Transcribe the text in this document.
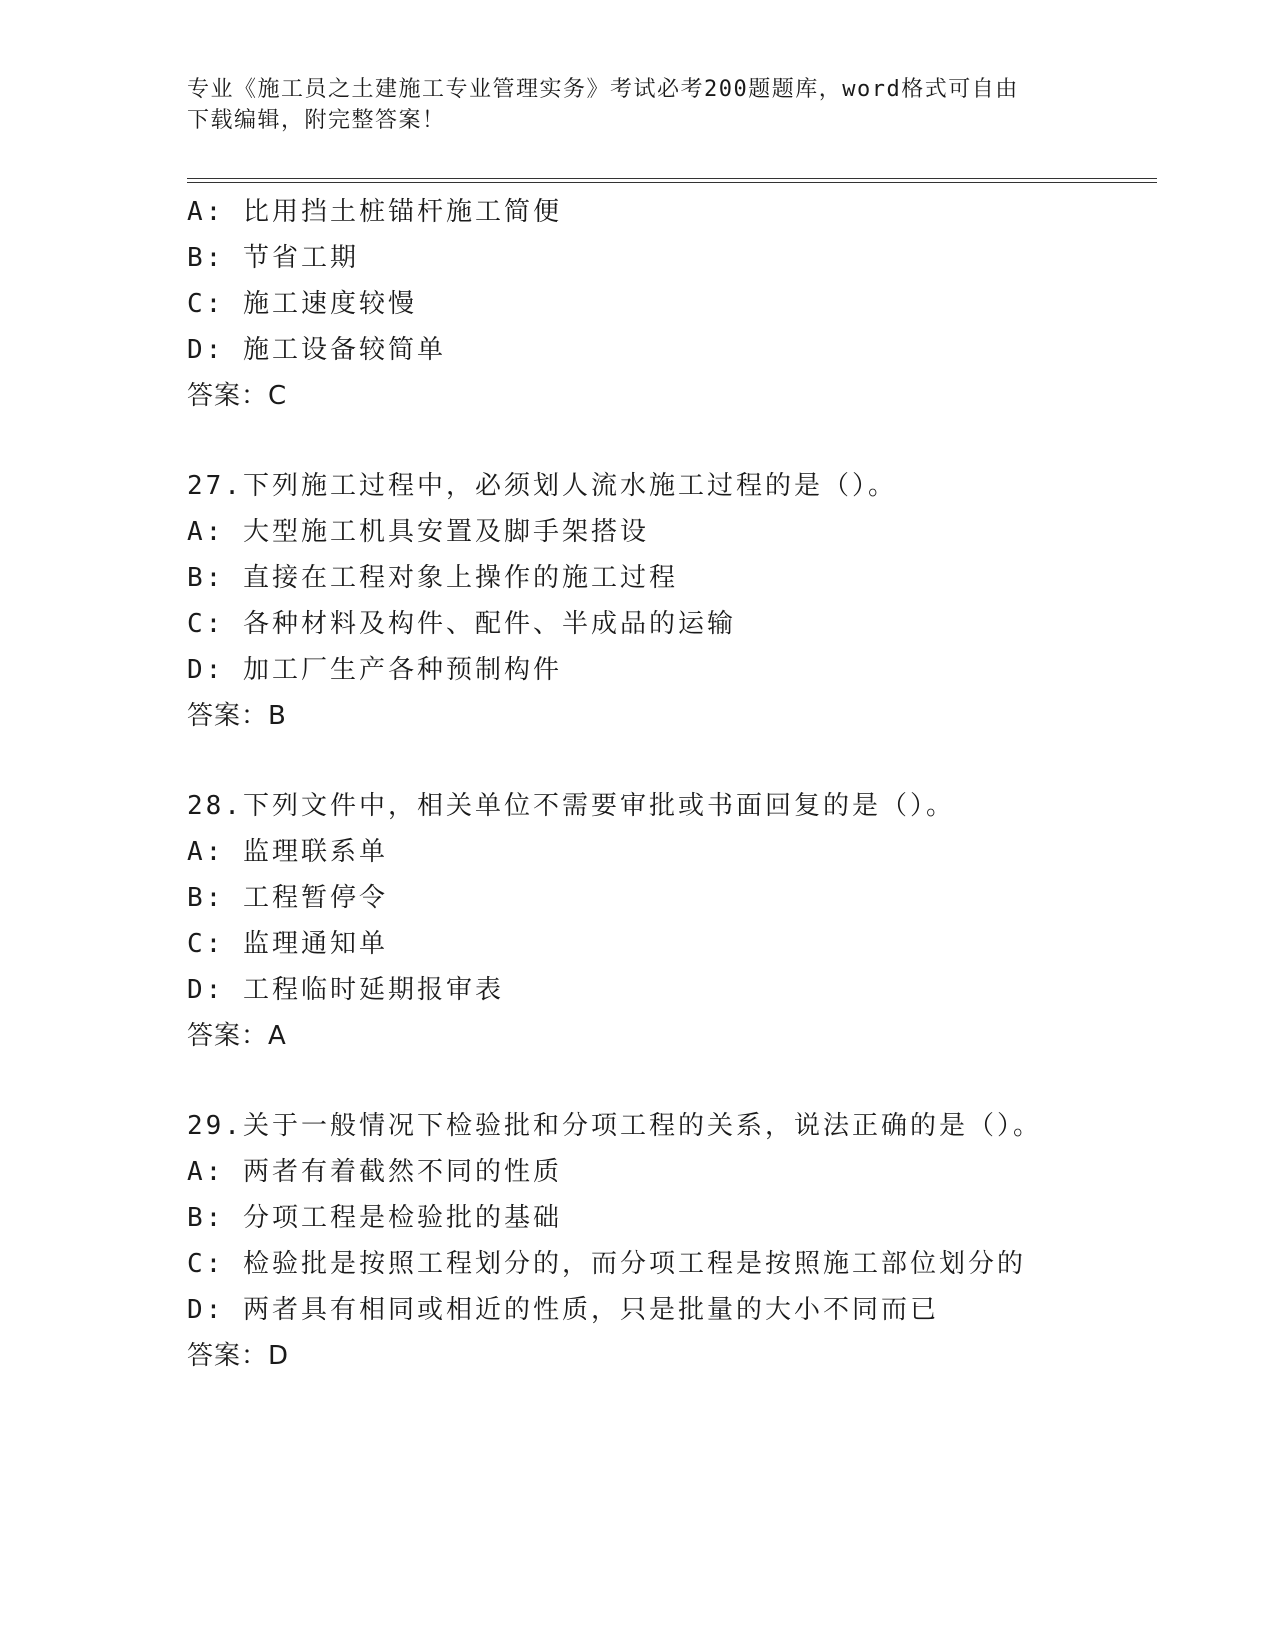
专业《施工员之土建施工专业管理实务》考试必考200题题库，word格式可自由
下载编辑，附完整答案！
A: 比用挡土桩锚杆施工简便
B: 节省工期
C: 施工速度较慢
D: 施工设备较简单
答案：C
27.下列施工过程中，必须划人流水施工过程的是（）。
A: 大型施工机具安置及脚手架搭设
B: 直接在工程对象上操作的施工过程
C: 各种材料及构件、配件、半成品的运输
D: 加工厂生产各种预制构件
答案：B
28.下列文件中，相关单位不需要审批或书面回复的是（）。
A: 监理联系单
B: 工程暂停令
C: 监理通知单
D: 工程临时延期报审表
答案：A
29.关于一般情况下检验批和分项工程的关系，说法正确的是（）。
A: 两者有着截然不同的性质
B: 分项工程是检验批的基础
C: 检验批是按照工程划分的，而分项工程是按照施工部位划分的
D: 两者具有相同或相近的性质，只是批量的大小不同而已
答案：D
